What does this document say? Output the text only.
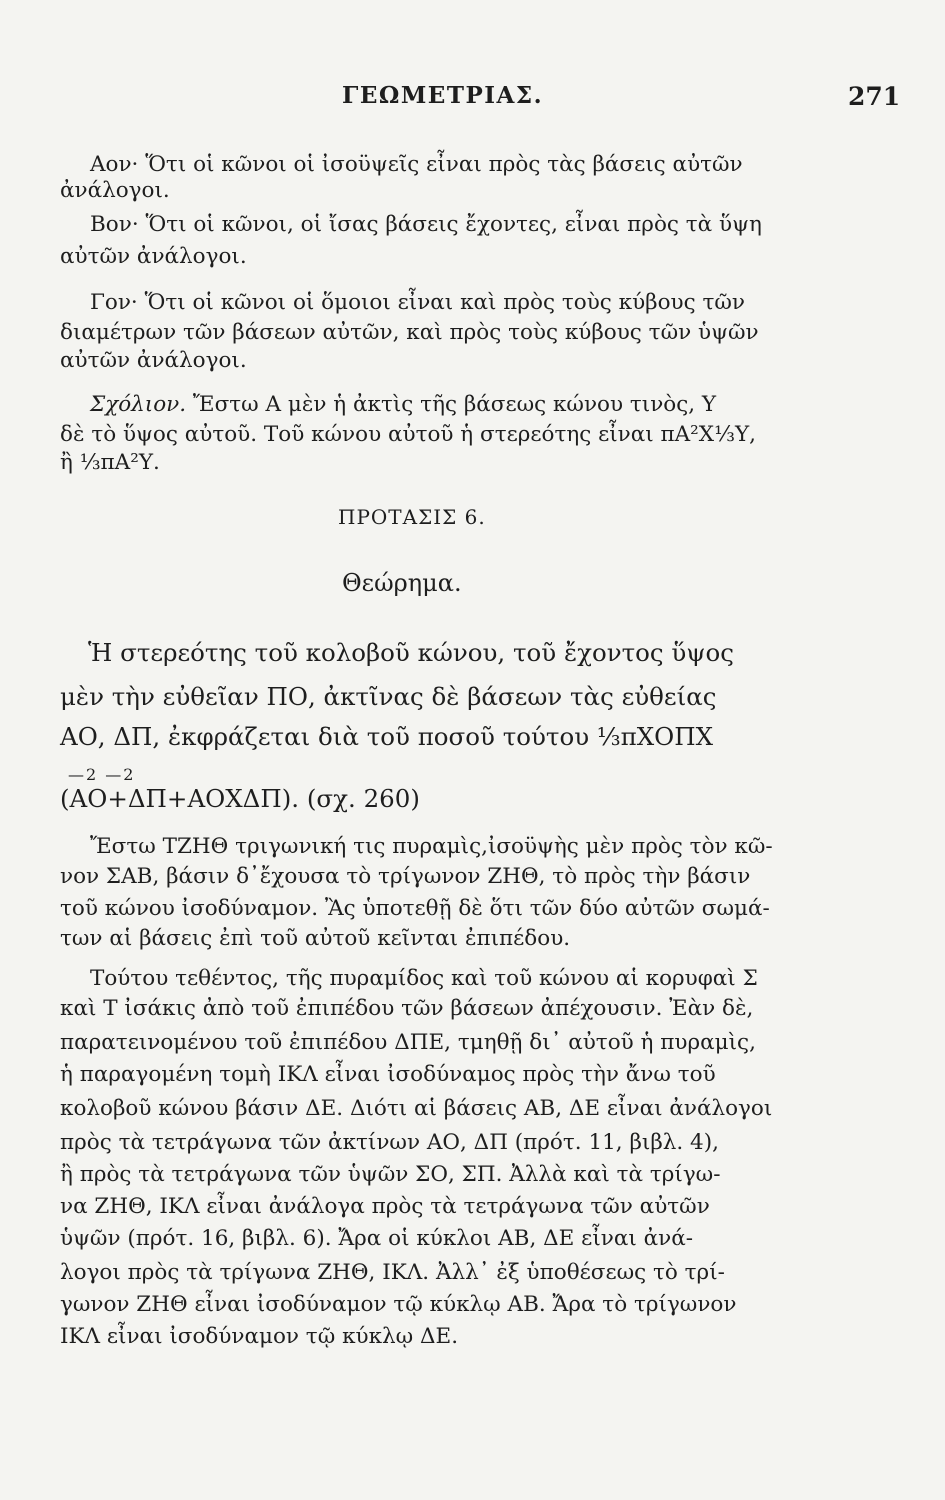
ΓΕΩΜΕΤΡΙΑΣ.	271
Αον· Ὅτι οἱ κῶνοι οἱ ἰσοϋψεῖς εἶναι πρὸς τὰς βάσεις αὐτῶν
ἀνάλογοι.
Βον· Ὅτι οἱ κῶνοι, οἱ ἴσας βάσεις ἔχοντες, εἶναι πρὸς τὰ ὕψη
αὐτῶν ἀνάλογοι.
Γον· Ὅτι οἱ κῶνοι οἱ ὅμοιοι εἶναι καὶ πρὸς τοὺς κύβους τῶν
διαμέτρων τῶν βάσεων αὐτῶν, καὶ πρὸς τοὺς κύβους τῶν ὑψῶν
αὐτῶν ἀνάλογοι.
Σχόλιον. Ἔστω Α μὲν ἡ ἀκτὶς τῆς βάσεως κώνου τινὸς, Υ
δὲ τὸ ὕψος αὐτοῦ. Τοῦ κώνου αὐτοῦ ἡ στερεότης εἶναι πΑ²Χ⅓Υ,
ἢ ⅓πΑ²Υ.
ΠΡΟΤΑΣΙΣ 6.
Θεώρημα.
Ἡ στερεότης τοῦ κολοβοῦ κώνου, τοῦ ἔχοντος ὕψος
μὲν τὴν εὐθεῖαν ΠΟ, ἀκτῖνας δὲ βάσεων τὰς εὐθείας
ΑΟ, ΔΠ, ἐκφράζεται διὰ τοῦ ποσοῦ τούτου ⅓πΧΟΠΧ
—2 —2
(ΑΟ+ΔΠ+ΑΟΧΔΠ). (σχ. 260)
Ἔστω ΤΖΗΘ τριγωνική τις πυραμὶς,ἰσοϋψὴς μὲν πρὸς τὸν κῶ-
νον ΣΑΒ, βάσιν δ᾽ἔχουσα τὸ τρίγωνον ΖΗΘ, τὸ πρὸς τὴν βάσιν
τοῦ κώνου ἰσοδύναμον. Ἂς ὑποτεθῇ δὲ ὅτι τῶν δύο αὐτῶν σωμά-
των αἱ βάσεις ἐπὶ τοῦ αὐτοῦ κεῖνται ἐπιπέδου.
Τούτου τεθέντος, τῆς πυραμίδος καὶ τοῦ κώνου αἱ κορυφαὶ Σ
καὶ Τ ἰσάκις ἀπὸ τοῦ ἐπιπέδου τῶν βάσεων ἀπέχουσιν. Ἐὰν δὲ,
παρατεινομένου τοῦ ἐπιπέδου ΔΠΕ, τμηθῇ δι᾽ αὐτοῦ ἡ πυραμὶς,
ἡ παραγομένη τομὴ ΙΚΛ εἶναι ἰσοδύναμος πρὸς τὴν ἄνω τοῦ
κολοβοῦ κώνου βάσιν ΔΕ. Διότι αἱ βάσεις ΑΒ, ΔΕ εἶναι ἀνάλογοι
πρὸς τὰ τετράγωνα τῶν ἀκτίνων ΑΟ, ΔΠ (πρότ. 11, βιβλ. 4),
ἢ πρὸς τὰ τετράγωνα τῶν ὑψῶν ΣΟ, ΣΠ. Ἀλλὰ καὶ τὰ τρίγω-
να ΖΗΘ, ΙΚΛ εἶναι ἀνάλογα πρὸς τὰ τετράγωνα τῶν αὐτῶν
ὑψῶν (πρότ. 16, βιβλ. 6). Ἄρα οἱ κύκλοι ΑΒ, ΔΕ εἶναι ἀνά-
λογοι πρὸς τὰ τρίγωνα ΖΗΘ, ΙΚΛ. Ἀλλ᾽ ἐξ ὑποθέσεως τὸ τρί-
γωνον ΖΗΘ εἶναι ἰσοδύναμον τῷ κύκλῳ ΑΒ. Ἄρα τὸ τρίγωνον
ΙΚΛ εἶναι ἰσοδύναμον τῷ κύκλῳ ΔΕ.
